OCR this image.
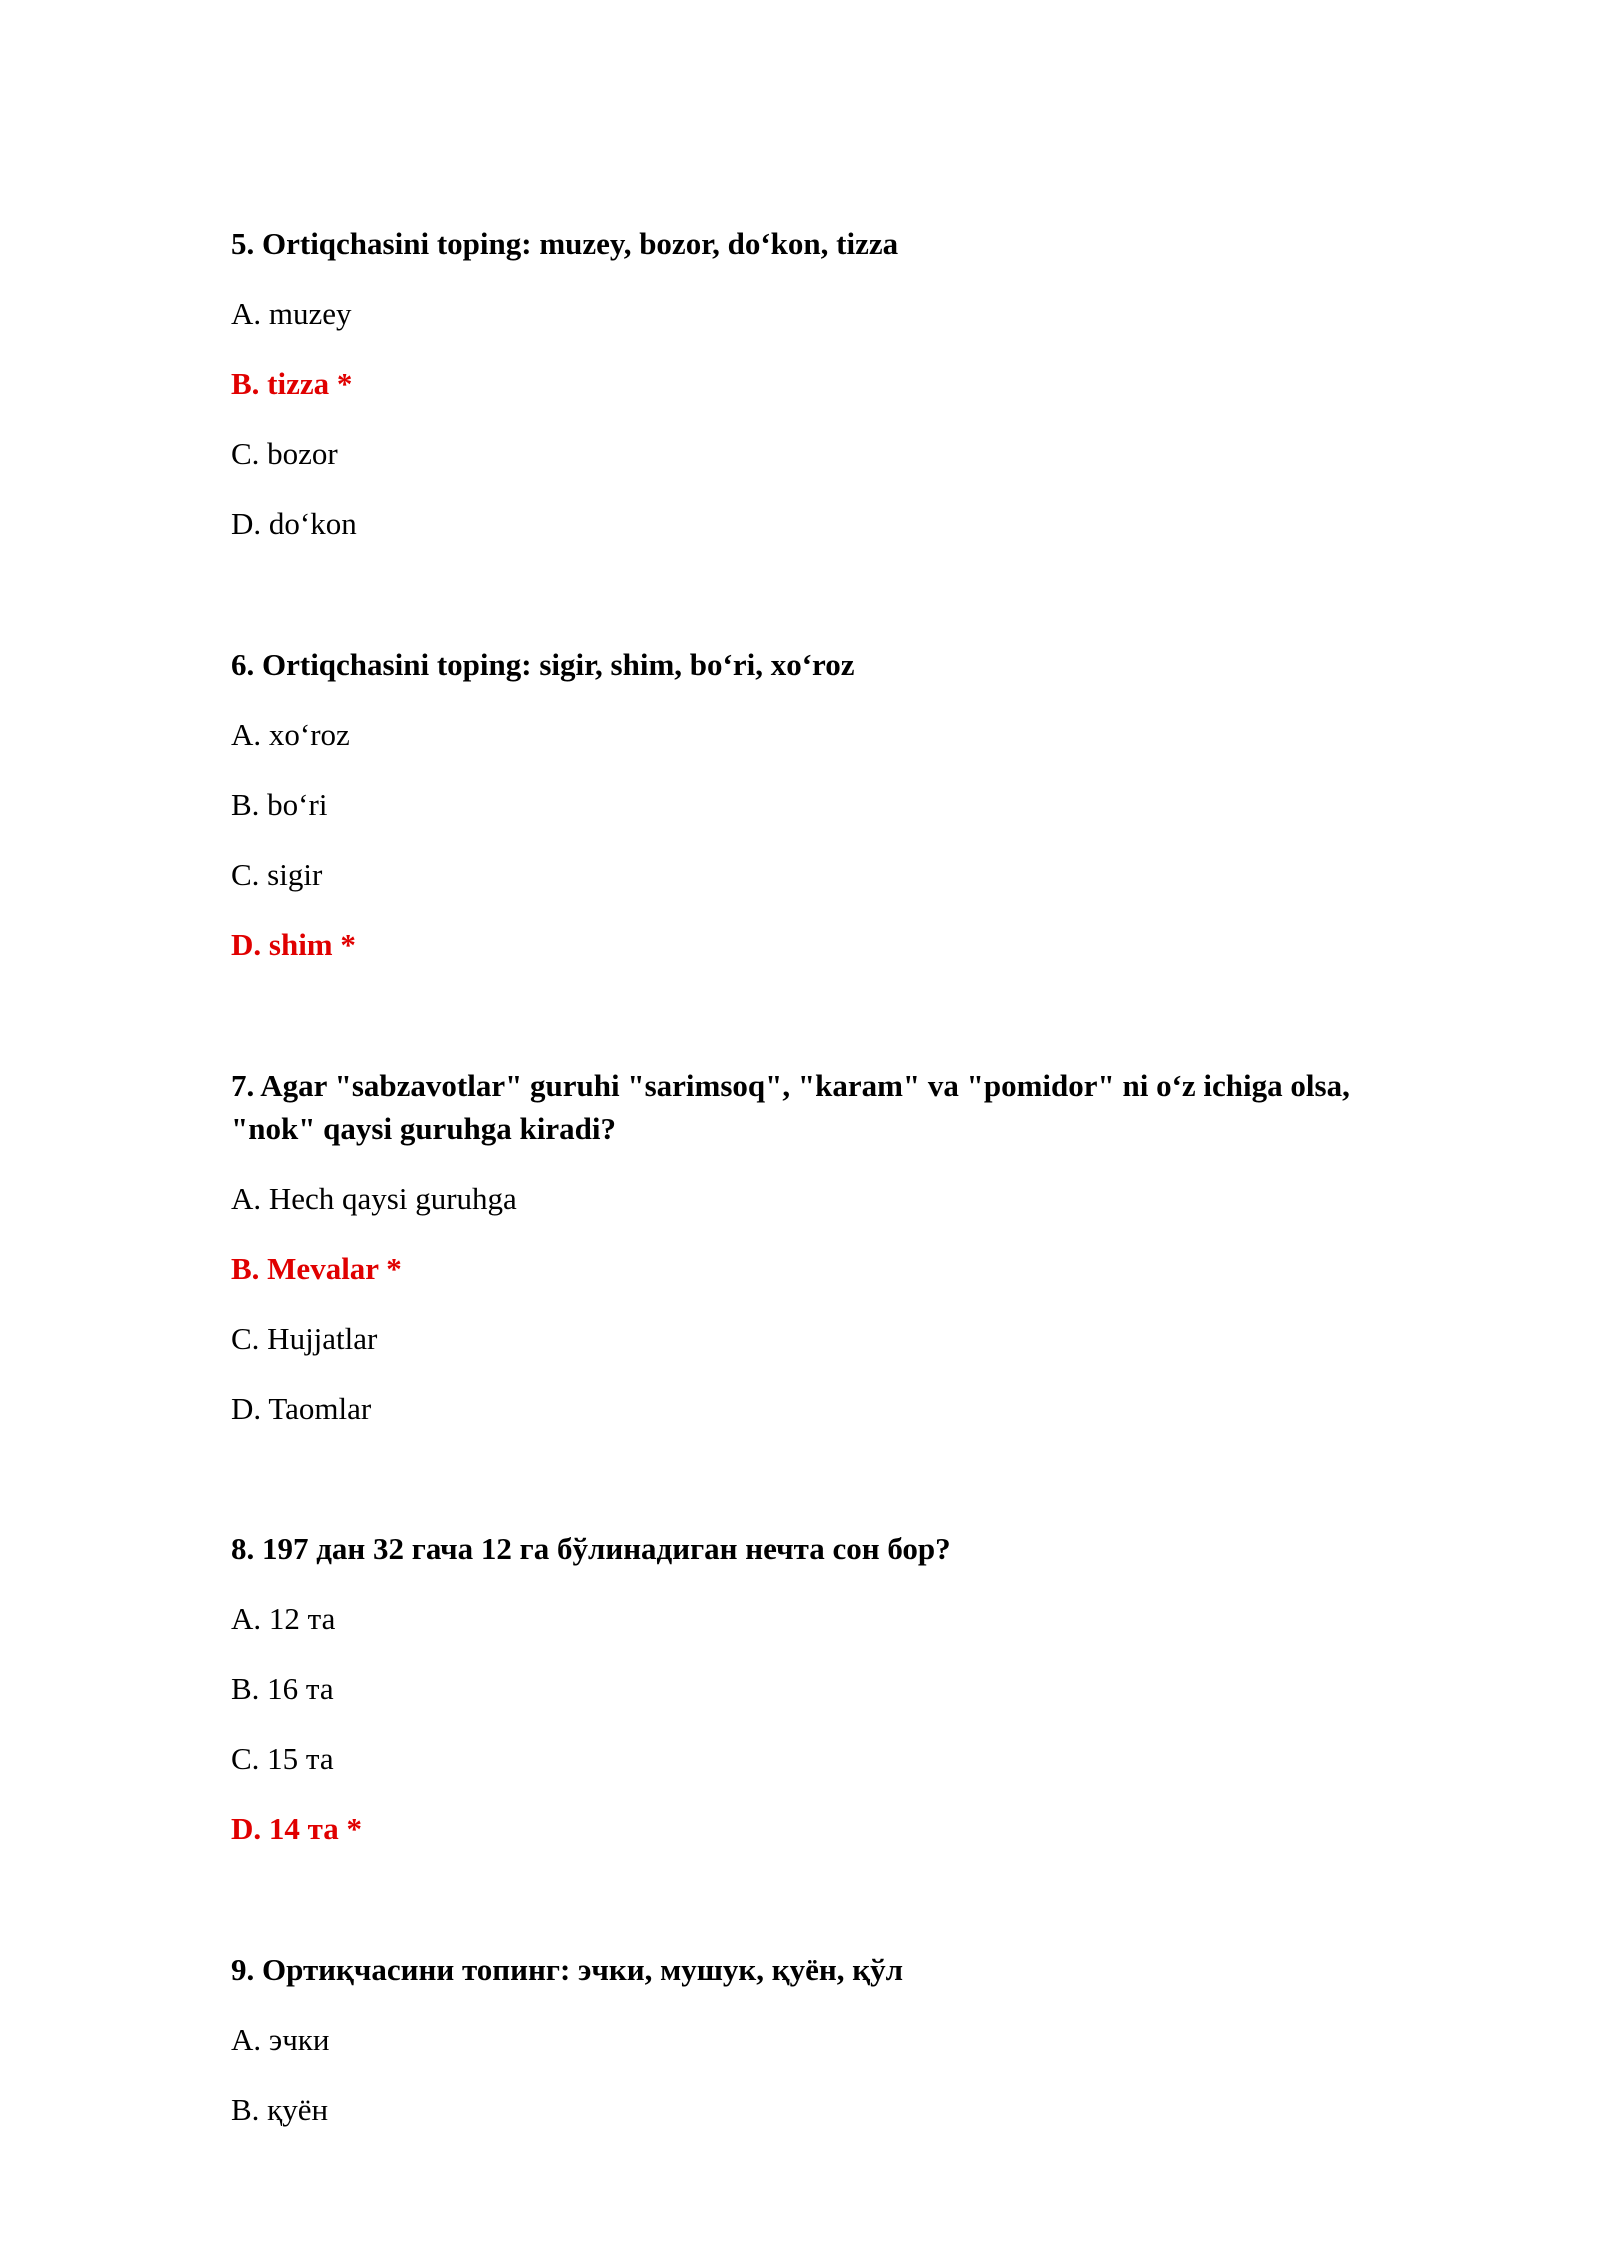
5. Ortiqchasini toping: muzey, bozor, do‘kon, tizza

A. muzey

B. tizza *

C. bozor

D. do‘kon

6. Ortiqchasini toping: sigir, shim, bo‘ri, xo‘roz

A. xo‘roz

B. bo‘ri

C. sigir

D. shim *

7. Agar "sabzavotlar" guruhi "sarimsoq", "karam" va "pomidor" ni o‘z ichiga olsa,

"nok" qaysi guruhga kiradi?

A. Hech qaysi guruhga

B. Mevalar *

C. Hujjatlar

D. Taomlar

8. 197 дан 32 гача 12 га бўлинадиган нечта сон бор?

A. 12 та

B. 16 та

C. 15 та

D. 14 та *

9. Ортиқчасини топинг: эчки, мушук, қуён, қўл

A. эчки

B. қуён
